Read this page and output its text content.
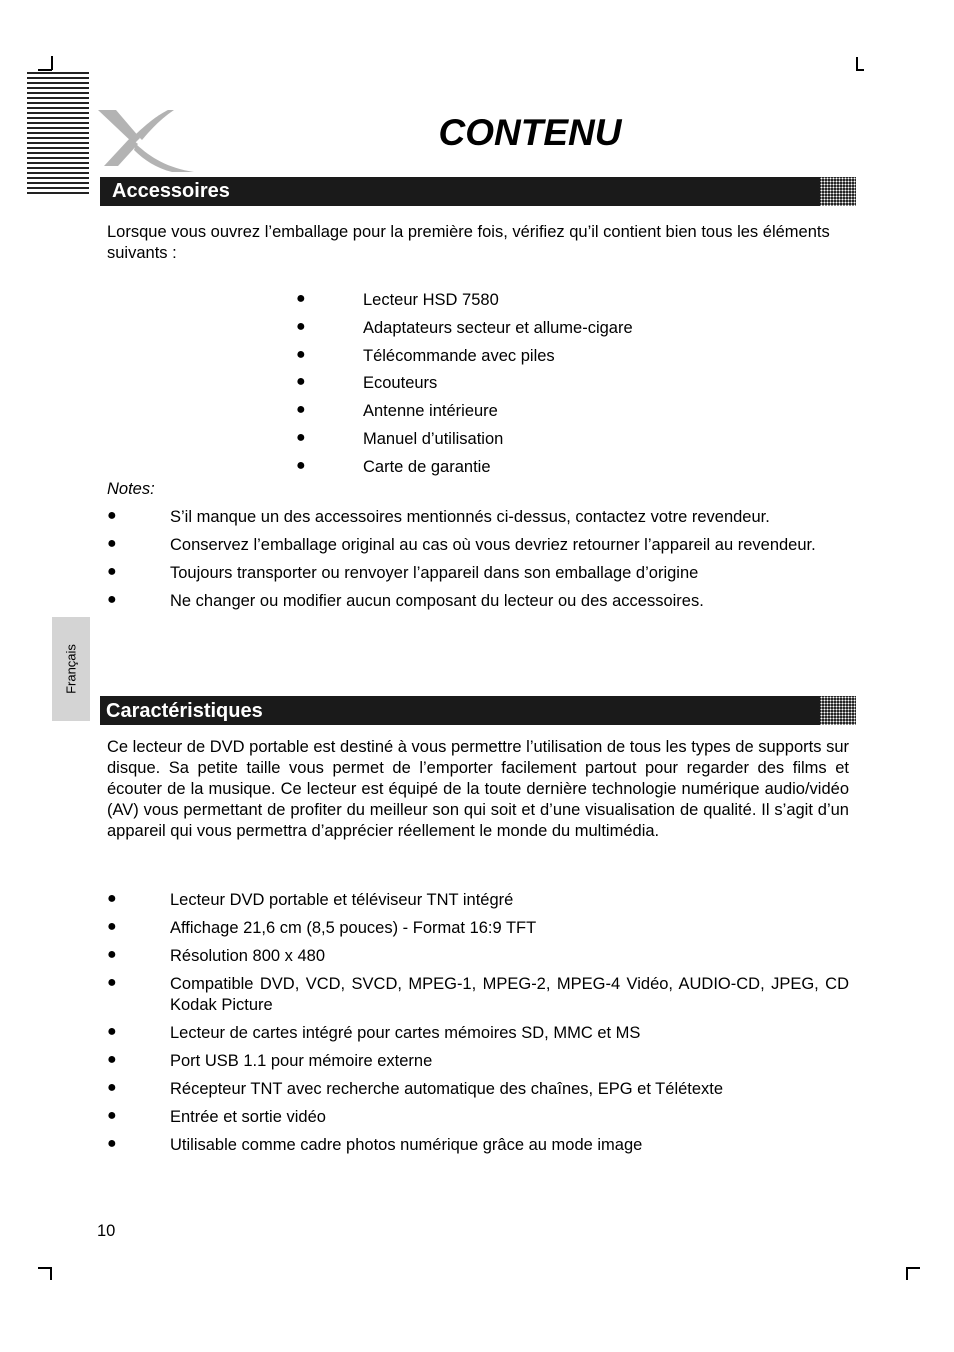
CONTENU
Accessoires

Lorsque vous ouvrez l’emballage pour la première fois, vérifiez qu’il contient bien tous les éléments suivants :

●	Lecteur HSD 7580
●	Adaptateurs secteur et allume-cigare
●	Télécommande avec piles
●	Ecouteurs
●	Antenne intérieure
●	Manuel d’utilisation
●	Carte de garantie
Notes:
●	S’il manque un des accessoires mentionnés ci-dessus, contactez votre revendeur.
●	Conservez l’emballage original au cas où vous devriez retourner l’appareil au revendeur.
●	Toujours transporter ou renvoyer l’appareil dans son emballage d’origine
●	Ne changer ou modifier aucun composant du lecteur ou des accessoires.
Français
Caractéristiques

Ce lecteur de DVD portable est destiné à vous permettre l’utilisation de tous les types de supports sur disque. Sa petite taille vous permet de l’emporter facilement partout pour regarder des films et écouter de la musique. Ce lecteur est équipé de la toute dernière technologie numérique audio/vidéo (AV) vous permettant de profiter du meilleur son qui soit et d’une visualisation de qualité. Il s’agit d’un appareil qui vous permettra d’apprécier réellement le monde du multimédia.

●	Lecteur DVD portable et téléviseur TNT intégré
●	Affichage 21,6 cm (8,5 pouces) - Format 16:9 TFT
●	Résolution 800 x 480
●	Compatible DVD, VCD, SVCD, MPEG-1, MPEG-2, MPEG-4 Vidéo, AUDIO-CD, JPEG, CD Kodak Picture
●	Lecteur de cartes intégré pour cartes mémoires SD, MMC et MS
●	Port USB 1.1 pour mémoire externe
●	Récepteur TNT avec recherche automatique des chaînes, EPG et Télétexte
●	Entrée et sortie vidéo
●	Utilisable comme cadre photos numérique grâce au mode image
10
